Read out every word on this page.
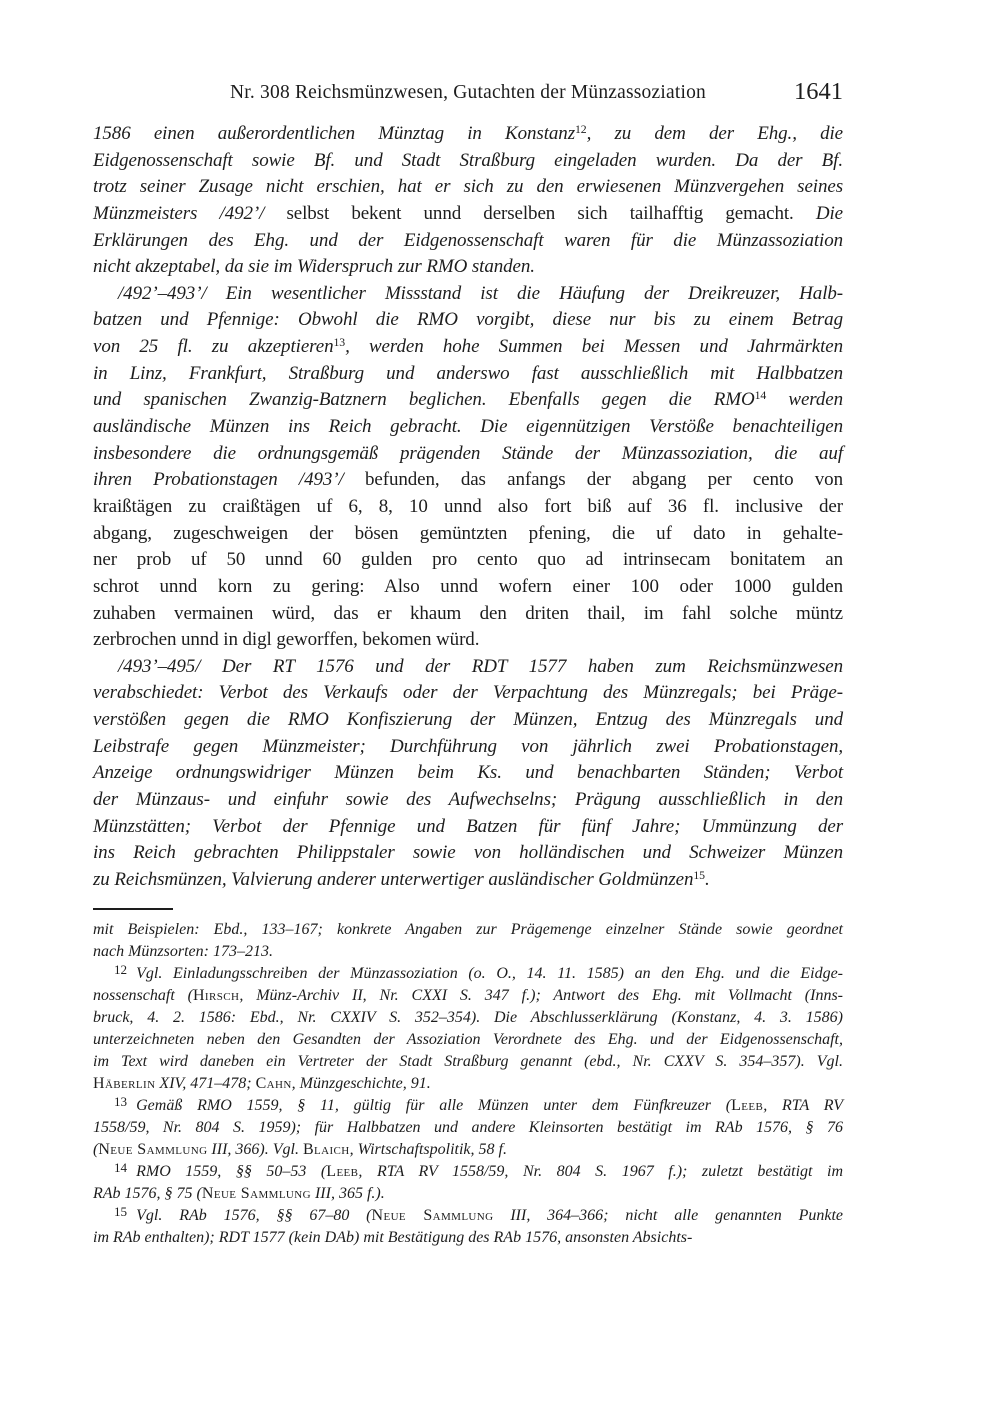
Nr. 308 Reichsmünzwesen, Gutachten der Münzassoziation	1641
1586 einen außerordentlichen Münztag in Konstanz$^{12}$, zu dem der Ehg., die
Eidgenossenschaft sowie Bf. und Stadt Straßburg eingeladen wurden. Da der Bf.
trotz seiner Zusage nicht erschien, hat er sich zu den erwiesenen Münzvergehen seines
Münzmeisters /492’/ selbst bekent unnd derselben sich tailhafftig gemacht. Die
Erklärungen des Ehg. und der Eidgenossenschaft waren für die Münzassoziation
nicht akzeptabel, da sie im Widerspruch zur RMO standen.
/492’–493’/ Ein wesentlicher Missstand ist die Häufung der Dreikreuzer, Halb-
batzen und Pfennige: Obwohl die RMO vorgibt, diese nur bis zu einem Betrag
von 25 fl. zu akzeptieren$^{13}$, werden hohe Summen bei Messen und Jahrmärkten
in Linz, Frankfurt, Straßburg und anderswo fast ausschließlich mit Halbbatzen
und spanischen Zwanzig-Batznern beglichen. Ebenfalls gegen die RMO$^{14}$ werden
ausländische Münzen ins Reich gebracht. Die eigennützigen Verstöße benachteiligen
insbesondere die ordnungsgemäß prägenden Stände der Münzassoziation, die auf
ihren Probationstagen /493’/ befunden, das anfangs der abgang per cento von
kraißtägen zu craißtägen uf 6, 8, 10 unnd also fort biß auf 36 fl. inclusive der
abgang, zugeschweigen der bösen gemüntzten pfening, die uf dato in gehalte-
ner prob uf 50 unnd 60 gulden pro cento quo ad intrinsecam bonitatem an
schrot unnd korn zu gering: Also unnd wofern einer 100 oder 1000 gulden
zuhaben vermainen würd, das er khaum den driten thail, im fahl solche müntz
zerbrochen unnd in digl geworffen, bekomen würd.
/493’–495/ Der RT 1576 und der RDT 1577 haben zum Reichsmünzwesen
verabschiedet: Verbot des Verkaufs oder der Verpachtung des Münzregals; bei Präge-
verstößen gegen die RMO Konfiszierung der Münzen, Entzug des Münzregals und
Leibstrafe gegen Münzmeister; Durchführung von jährlich zwei Probationstagen,
Anzeige ordnungswidriger Münzen beim Ks. und benachbarten Ständen; Verbot
der Münzaus- und einfuhr sowie des Aufwechselns; Prägung ausschließlich in den
Münzstätten; Verbot der Pfennige und Batzen für fünf Jahre; Ummünzung der
ins Reich gebrachten Philippstaler sowie von holländischen und Schweizer Münzen
zu Reichsmünzen, Valvierung anderer unterwertiger ausländischer Goldmünzen$^{15}$.
mit Beispielen: Ebd., 133–167; konkrete Angaben zur Prägemenge einzelner Stände sowie geordnet
nach Münzsorten: 173–213.
$^{12}$ Vgl. Einladungsschreiben der Münzassoziation (o. O., 14. 11. 1585) an den Ehg. und die Eidge-
nossenschaft (Hirsch, Münz-Archiv II, Nr. CXXI S. 347 f.); Antwort des Ehg. mit Vollmacht (Inns-
bruck, 4. 2. 1586: Ebd., Nr. CXXIV S. 352–354). Die Abschlusserklärung (Konstanz, 4. 3. 1586)
unterzeichneten neben den Gesandten der Assoziation Verordnete des Ehg. und der Eidgenossenschaft,
im Text wird daneben ein Vertreter der Stadt Straßburg genannt (ebd., Nr. CXXV S. 354–357). Vgl.
Häberlin XIV, 471–478; Cahn, Münzgeschichte, 91.
$^{13}$ Gemäß RMO 1559, § 11, gültig für alle Münzen unter dem Fünfkreuzer (Leeb, RTA RV
1558/59, Nr. 804 S. 1959); für Halbbatzen und andere Kleinsorten bestätigt im RAb 1576, § 76
(Neue Sammlung III, 366). Vgl. Blaich, Wirtschaftspolitik, 58 f.
$^{14}$ RMO 1559, §§ 50–53 (Leeb, RTA RV 1558/59, Nr. 804 S. 1967 f.); zuletzt bestätigt im
RAb 1576, § 75 (Neue Sammlung III, 365 f.).
$^{15}$ Vgl. RAb 1576, §§ 67–80 (Neue Sammlung III, 364–366; nicht alle genannten Punkte
im RAb enthalten); RDT 1577 (kein DAb) mit Bestätigung des RAb 1576, ansonsten Absichts-
